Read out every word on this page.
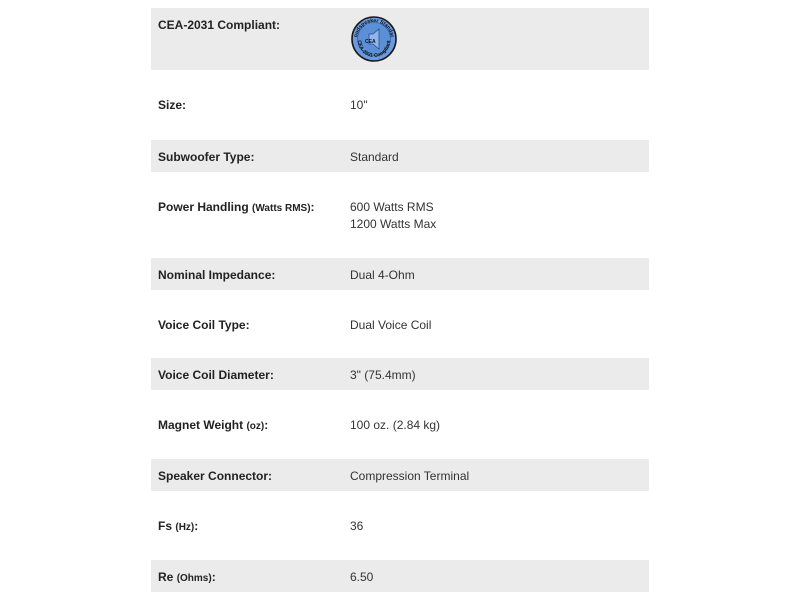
CEA-2031 Compliant:
oudspeaker Standar
CEA-2031 Compliant
CEA
Size:	10"
Subwoofer Type:	Standard
Power Handling (Watts RMS):	600 Watts RMS
1200 Watts Max
Nominal Impedance:	Dual 4-Ohm
Voice Coil Type:	Dual Voice Coil
Voice Coil Diameter:	3" (75.4mm)
Magnet Weight (oz):	100 oz. (2.84 kg)
Speaker Connector:	Compression Terminal
Fs (Hz):	36
Re (Ohms):	6.50
